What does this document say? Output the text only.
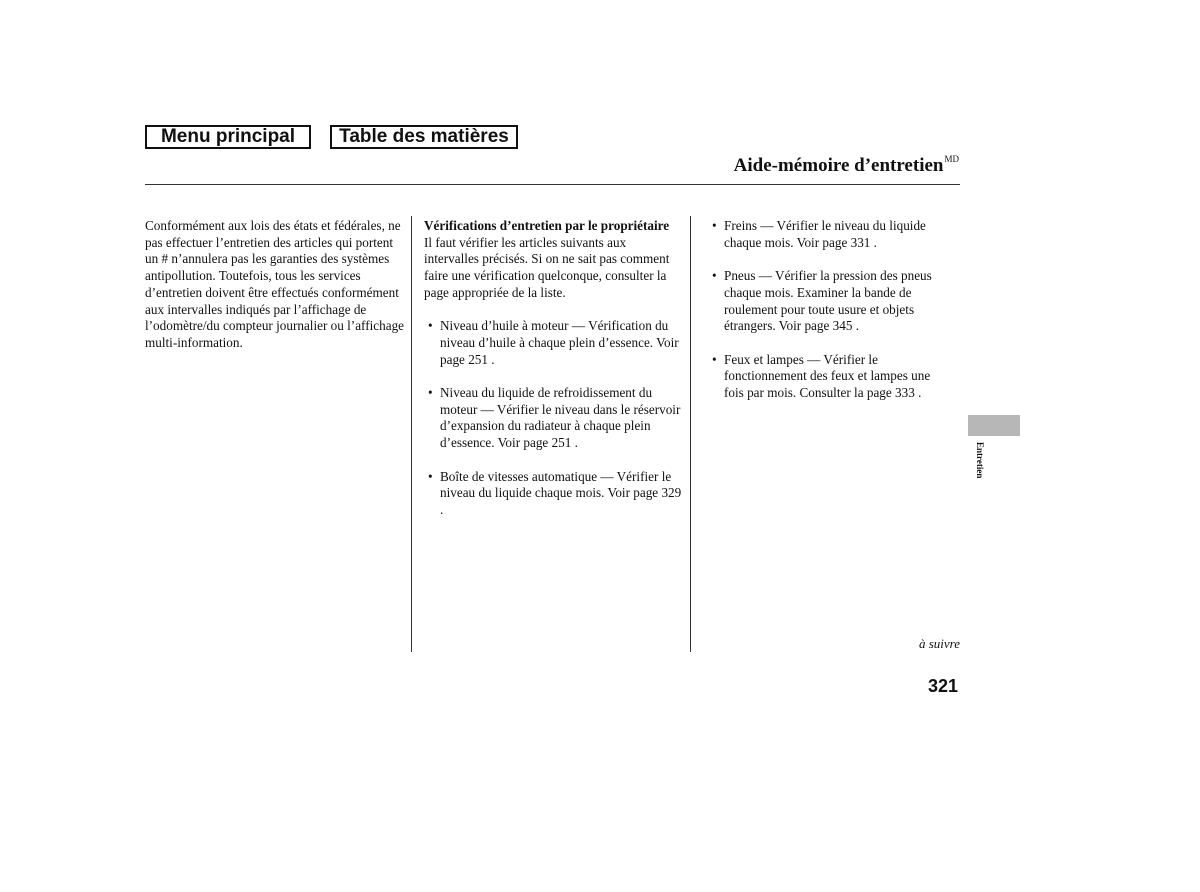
Menu principal	Table des matières
Aide-mémoire d’entretien$^{MD}$

Conformément aux lois des états et fédérales, ne pas effectuer l’entretien des articles qui portent un # n’annulera pas les garanties des systèmes antipollution. Toutefois, tous les services d’entretien doivent être effectués conformément aux intervalles indiqués par l’affichage de l’odomètre/du compteur journalier ou l’affichage multi-information.

Vérifications d’entretien par le propriétaire

Il faut vérifier les articles suivants aux intervalles précisés. Si on ne sait pas comment faire une vérification quelconque, consulter la page appropriée de la liste.

• Niveau d’huile à moteur — Vérification du niveau d’huile à chaque plein d’essence. Voir page 251 .
• Niveau du liquide de refroidissement du moteur — Vérifier le niveau dans le réservoir d’expansion du radiateur à chaque plein d’essence. Voir page 251 .
• Boîte de vitesses automatique — Vérifier le niveau du liquide chaque mois. Voir page 329 .
• Freins — Vérifier le niveau du liquide chaque mois. Voir page 331 .
• Pneus — Vérifier la pression des pneus chaque mois. Examiner la bande de roulement pour toute usure et objets étrangers. Voir page 345 .
• Feux et lampes — Vérifier le fonctionnement des feux et lampes une fois par mois. Consulter la page 333 .
Entretien
à suivre
321
